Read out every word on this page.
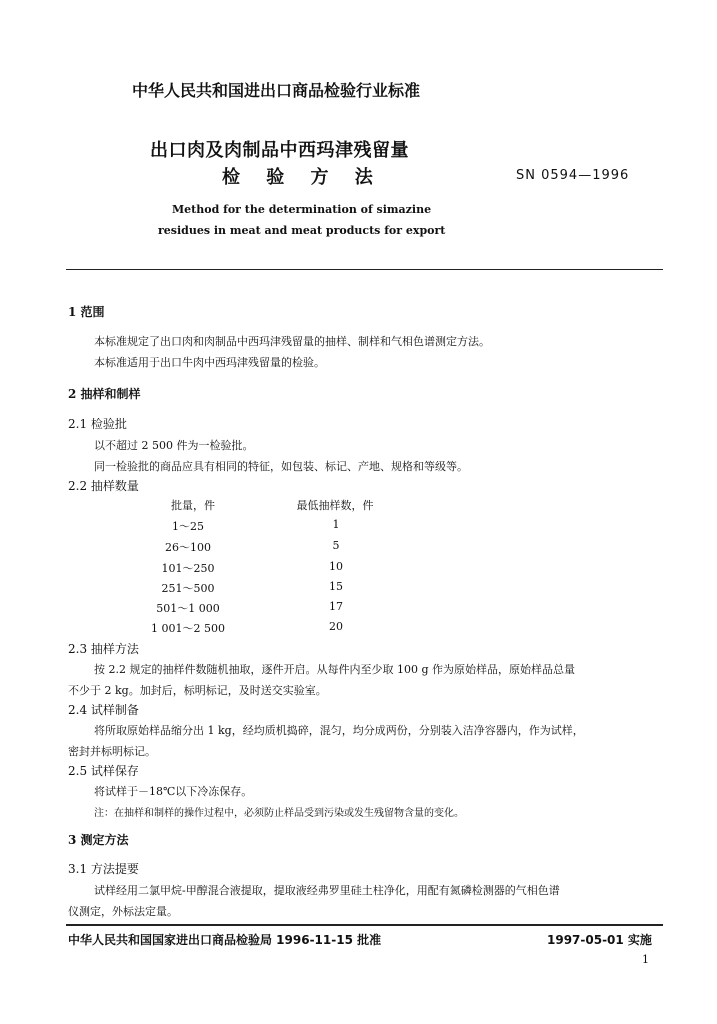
中华人民共和国进出口商品检验行业标准
出口肉及肉制品中西玛津残留量
检 验 方 法	SN 0594—1996
Method for the determination of simazine
residues in meat and meat products for export
1 范围
本标准规定了出口肉和肉制品中西玛津残留量的抽样、制样和气相色谱测定方法。
本标准适用于出口牛肉中西玛津残留量的检验。
2 抽样和制样
2.1 检验批
以不超过 2 500 件为一检验批。
同一检验批的商品应具有相同的特征，如包装、标记、产地、规格和等级等。
2.2 抽样数量
批量，件	最低抽样数，件
1～25	1
26～100	5
101～250	10
251～500	15
501～1 000	17
1 001～2 500	20
2.3 抽样方法
按 2.2 规定的抽样件数随机抽取，逐件开启。从每件内至少取 100 g 作为原始样品，原始样品总量
不少于 2 kg。加封后，标明标记，及时送交实验室。
2.4 试样制备
将所取原始样品缩分出 1 kg，经均质机捣碎，混匀，均分成两份，分别装入洁净容器内，作为试样，
密封并标明标记。
2.5 试样保存
将试样于－18℃以下冷冻保存。
注：在抽样和制样的操作过程中，必须防止样品受到污染或发生残留物含量的变化。
3 测定方法
3.1 方法提要
试样经用二氯甲烷-甲醇混合液提取，提取液经弗罗里硅土柱净化，用配有氮磷检测器的气相色谱
仪测定，外标法定量。
中华人民共和国国家进出口商品检验局 1996-11-15 批准	1997-05-01 实施
1
